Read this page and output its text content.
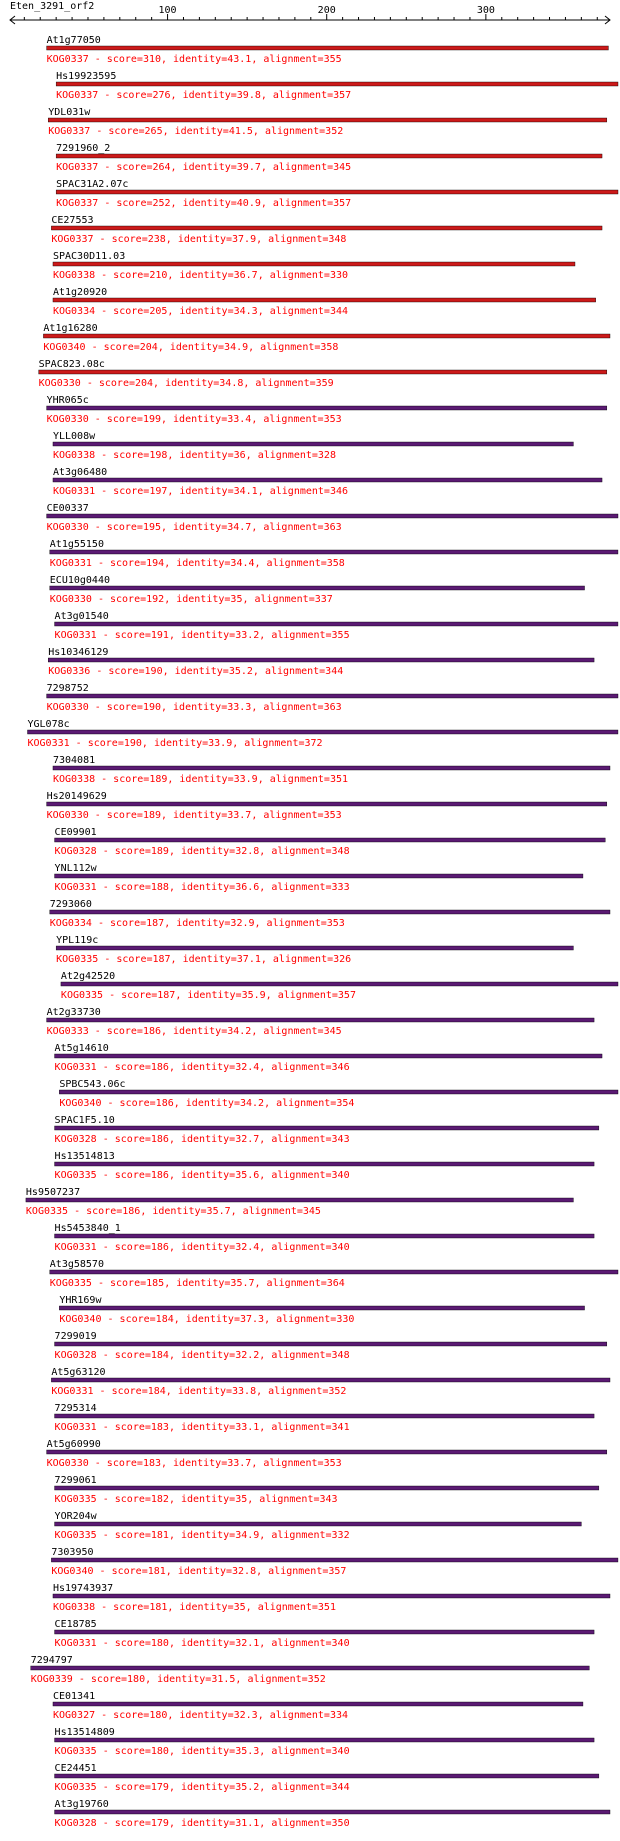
Eten_3291_orf2	100	200	300
At1g77050
KOG0337 - score=310, identity=43.1, alignment=355
Hs19923595
KOG0337 - score=276, identity=39.8, alignment=357
YDL031w
KOG0337 - score=265, identity=41.5, alignment=352
7291960_2
KOG0337 - score=264, identity=39.7, alignment=345
SPAC31A2.07c
KOG0337 - score=252, identity=40.9, alignment=357
CE27553
KOG0337 - score=238, identity=37.9, alignment=348
SPAC30D11.03
KOG0338 - score=210, identity=36.7, alignment=330
At1g20920
KOG0334 - score=205, identity=34.3, alignment=344
At1g16280
KOG0340 - score=204, identity=34.9, alignment=358
SPAC823.08c
KOG0330 - score=204, identity=34.8, alignment=359
YHR065c
KOG0330 - score=199, identity=33.4, alignment=353
YLL008w
KOG0338 - score=198, identity=36, alignment=328
At3g06480
KOG0331 - score=197, identity=34.1, alignment=346
CE00337
KOG0330 - score=195, identity=34.7, alignment=363
At1g55150
KOG0331 - score=194, identity=34.4, alignment=358
ECU10g0440
KOG0330 - score=192, identity=35, alignment=337
At3g01540
KOG0331 - score=191, identity=33.2, alignment=355
Hs10346129
KOG0336 - score=190, identity=35.2, alignment=344
7298752
KOG0330 - score=190, identity=33.3, alignment=363
YGL078c
KOG0331 - score=190, identity=33.9, alignment=372
7304081
KOG0338 - score=189, identity=33.9, alignment=351
Hs20149629
KOG0330 - score=189, identity=33.7, alignment=353
CE09901
KOG0328 - score=189, identity=32.8, alignment=348
YNL112w
KOG0331 - score=188, identity=36.6, alignment=333
7293060
KOG0334 - score=187, identity=32.9, alignment=353
YPL119c
KOG0335 - score=187, identity=37.1, alignment=326
At2g42520
KOG0335 - score=187, identity=35.9, alignment=357
At2g33730
KOG0333 - score=186, identity=34.2, alignment=345
At5g14610
KOG0331 - score=186, identity=32.4, alignment=346
SPBC543.06c
KOG0340 - score=186, identity=34.2, alignment=354
SPAC1F5.10
KOG0328 - score=186, identity=32.7, alignment=343
Hs13514813
KOG0335 - score=186, identity=35.6, alignment=340
Hs9507237
KOG0335 - score=186, identity=35.7, alignment=345
Hs5453840_1
KOG0331 - score=186, identity=32.4, alignment=340
At3g58570
KOG0335 - score=185, identity=35.7, alignment=364
YHR169w
KOG0340 - score=184, identity=37.3, alignment=330
7299019
KOG0328 - score=184, identity=32.2, alignment=348
At5g63120
KOG0331 - score=184, identity=33.8, alignment=352
7295314
KOG0331 - score=183, identity=33.1, alignment=341
At5g60990
KOG0330 - score=183, identity=33.7, alignment=353
7299061
KOG0335 - score=182, identity=35, alignment=343
YOR204w
KOG0335 - score=181, identity=34.9, alignment=332
7303950
KOG0340 - score=181, identity=32.8, alignment=357
Hs19743937
KOG0338 - score=181, identity=35, alignment=351
CE18785
KOG0331 - score=180, identity=32.1, alignment=340
7294797
KOG0339 - score=180, identity=31.5, alignment=352
CE01341
KOG0327 - score=180, identity=32.3, alignment=334
Hs13514809
KOG0335 - score=180, identity=35.3, alignment=340
CE24451
KOG0335 - score=179, identity=35.2, alignment=344
At3g19760
KOG0328 - score=179, identity=31.1, alignment=350
